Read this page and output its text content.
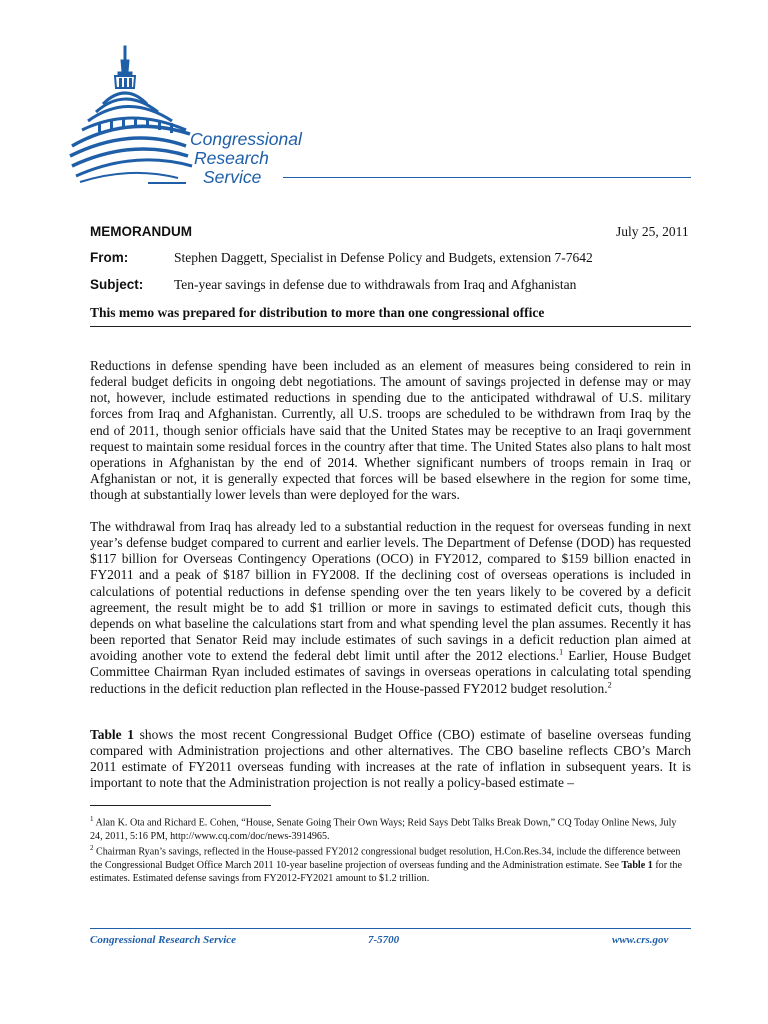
Congressional
Research
Service
MEMORANDUM	July 25, 2011
From:	Stephen Daggett, Specialist in Defense Policy and Budgets, extension 7-7642
Subject: Ten-year savings in defense due to withdrawals from Iraq and Afghanistan
This memo was prepared for distribution to more than one congressional office
Reductions in defense spending have been included as an element of measures being considered to rein in federal budget deficits in ongoing debt negotiations. The amount of savings projected in defense may or may not, however, include estimated reductions in spending due to the anticipated withdrawal of U.S. military forces from Iraq and Afghanistan. Currently, all U.S. troops are scheduled to be withdrawn from Iraq by the end of 2011, though senior officials have said that the United States may be receptive to an Iraqi government request to maintain some residual forces in the country after that time. The United States also plans to halt most operations in Afghanistan by the end of 2014. Whether significant numbers of troops remain in Iraq or Afghanistan or not, it is generally expected that forces will be based elsewhere in the region for some time, though at substantially lower levels than were deployed for the wars.
The withdrawal from Iraq has already led to a substantial reduction in the request for overseas funding in next year’s defense budget compared to current and earlier levels. The Department of Defense (DOD) has requested $117 billion for Overseas Contingency Operations (OCO) in FY2012, compared to $159 billion enacted in FY2011 and a peak of $187 billion in FY2008. If the declining cost of overseas operations is included in calculations of potential reductions in defense spending over the ten years likely to be covered by a deficit agreement, the result might be to add $1 trillion or more in savings to estimated deficit cuts, though this depends on what baseline the calculations start from and what spending level the plan assumes. Recently it has been reported that Senator Reid may include estimates of such savings in a deficit reduction plan aimed at avoiding another vote to extend the federal debt limit until after the 2012 elections.$^1$ Earlier, House Budget Committee Chairman Ryan included estimates of savings in overseas operations in calculating total spending reductions in the deficit reduction plan reflected in the House-passed FY2012 budget resolution.$^2$
Table 1 shows the most recent Congressional Budget Office (CBO) estimate of baseline overseas funding compared with Administration projections and other alternatives. The CBO baseline reflects CBO’s March 2011 estimate of FY2011 overseas funding with increases at the rate of inflation in subsequent years. It is important to note that the Administration projection is not really a policy-based estimate –
$^1$ Alan K. Ota and Richard E. Cohen, “House, Senate Going Their Own Ways; Reid Says Debt Talks Break Down,” CQ Today Online News, July 24, 2011, 5:16 PM, http://www.cq.com/doc/news-3914965.
$^2$ Chairman Ryan’s savings, reflected in the House-passed FY2012 congressional budget resolution, H.Con.Res.34, include the difference between the Congressional Budget Office March 2011 10-year baseline projection of overseas funding and the Administration estimate. See Table 1 for the estimates. Estimated defense savings from FY2012-FY2021 amount to $1.2 trillion.
Congressional Research Service	7-5700	www.crs.gov
